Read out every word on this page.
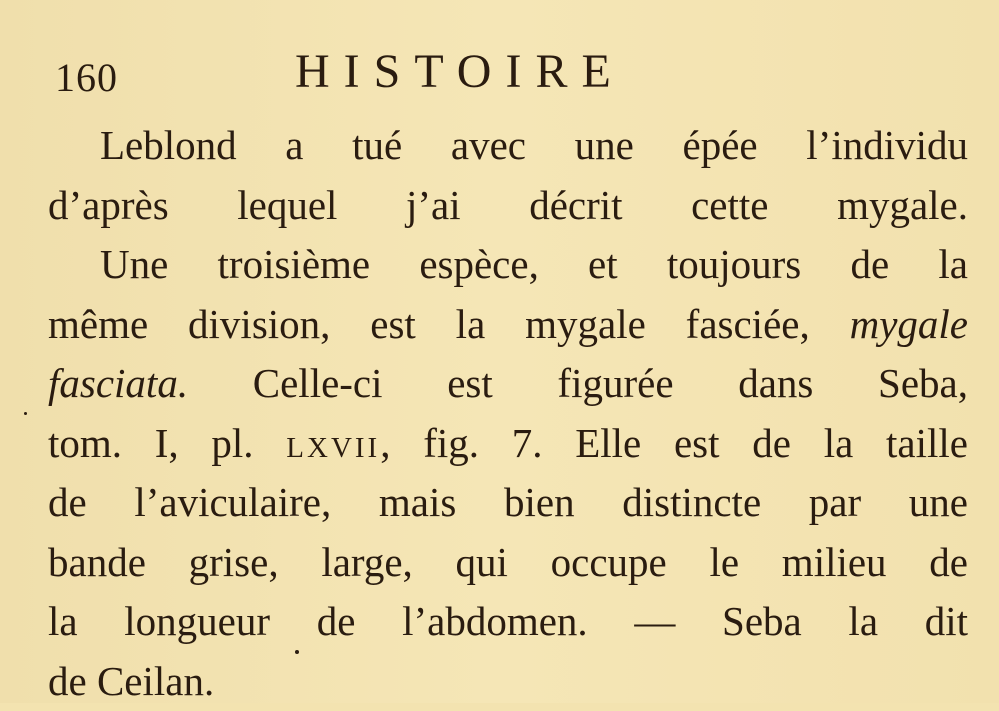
160	HISTOIRE
Leblond a tué avec une épée l’individu
d’après lequel j’ai décrit cette mygale.
Une troisième espèce, et toujours de la
même division, est la mygale fasciée, mygale
fasciata. Celle-ci est figurée dans Seba,
tom. I, pl. lxvii, fig. 7. Elle est de la taille
de l’aviculaire, mais bien distincte par une
bande grise, large, qui occupe le milieu de
la longueur de l’abdomen. — Seba la dit
de Ceilan.
